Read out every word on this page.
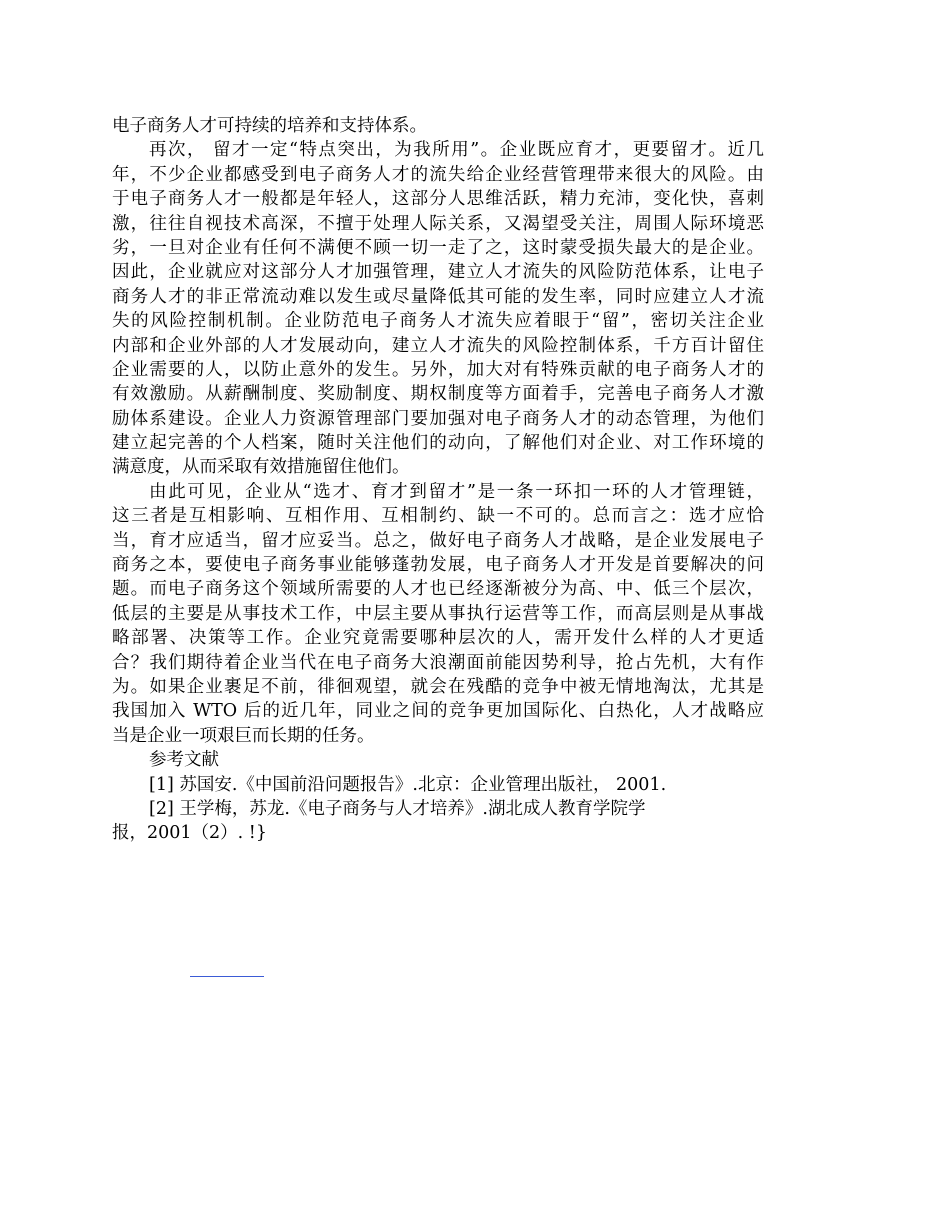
电子商务人才可持续的培养和支持体系。
再次， 留才一定“特点突出，为我所用”。企业既应育才，更要留才。近几
年，不少企业都感受到电子商务人才的流失给企业经营管理带来很大的风险。由
于电子商务人才一般都是年轻人，这部分人思维活跃，精力充沛，变化快，喜刺
激，往往自视技术高深，不擅于处理人际关系，又渴望受关注，周围人际环境恶
劣，一旦对企业有任何不满便不顾一切一走了之，这时蒙受损失最大的是企业。
因此，企业就应对这部分人才加强管理，建立人才流失的风险防范体系，让电子
商务人才的非正常流动难以发生或尽量降低其可能的发生率，同时应建立人才流
失的风险控制机制。企业防范电子商务人才流失应着眼于“留”，密切关注企业
内部和企业外部的人才发展动向，建立人才流失的风险控制体系，千方百计留住
企业需要的人，以防止意外的发生。另外，加大对有特殊贡献的电子商务人才的
有效激励。从薪酬制度、奖励制度、期权制度等方面着手，完善电子商务人才激
励体系建设。企业人力资源管理部门要加强对电子商务人才的动态管理，为他们
建立起完善的个人档案，随时关注他们的动向，了解他们对企业、对工作环境的
满意度，从而采取有效措施留住他们。
由此可见，企业从“选才、育才到留才”是一条一环扣一环的人才管理链，
这三者是互相影响、互相作用、互相制约、缺一不可的。总而言之：选才应恰
当，育才应适当，留才应妥当。总之，做好电子商务人才战略，是企业发展电子
商务之本，要使电子商务事业能够蓬勃发展，电子商务人才开发是首要解决的问
题。而电子商务这个领域所需要的人才也已经逐渐被分为高、中、低三个层次，
低层的主要是从事技术工作，中层主要从事执行运营等工作，而高层则是从事战
略部署、决策等工作。企业究竟需要哪种层次的人，需开发什么样的人才更适
合？我们期待着企业当代在电子商务大浪潮面前能因势利导，抢占先机，大有作
为。如果企业裹足不前，徘徊观望，就会在残酷的竞争中被无情地淘汰，尤其是
我国加入 WTO 后的近几年，同业之间的竞争更加国际化、白热化，人才战略应
当是企业一项艰巨而长期的任务。
参考文献
[1] 苏国安.《中国前沿问题报告》.北京：企业管理出版社， 2001.
[2] 王学梅，苏龙.《电子商务与人才培养》.湖北成人教育学院学
报，2001（2）. !}
